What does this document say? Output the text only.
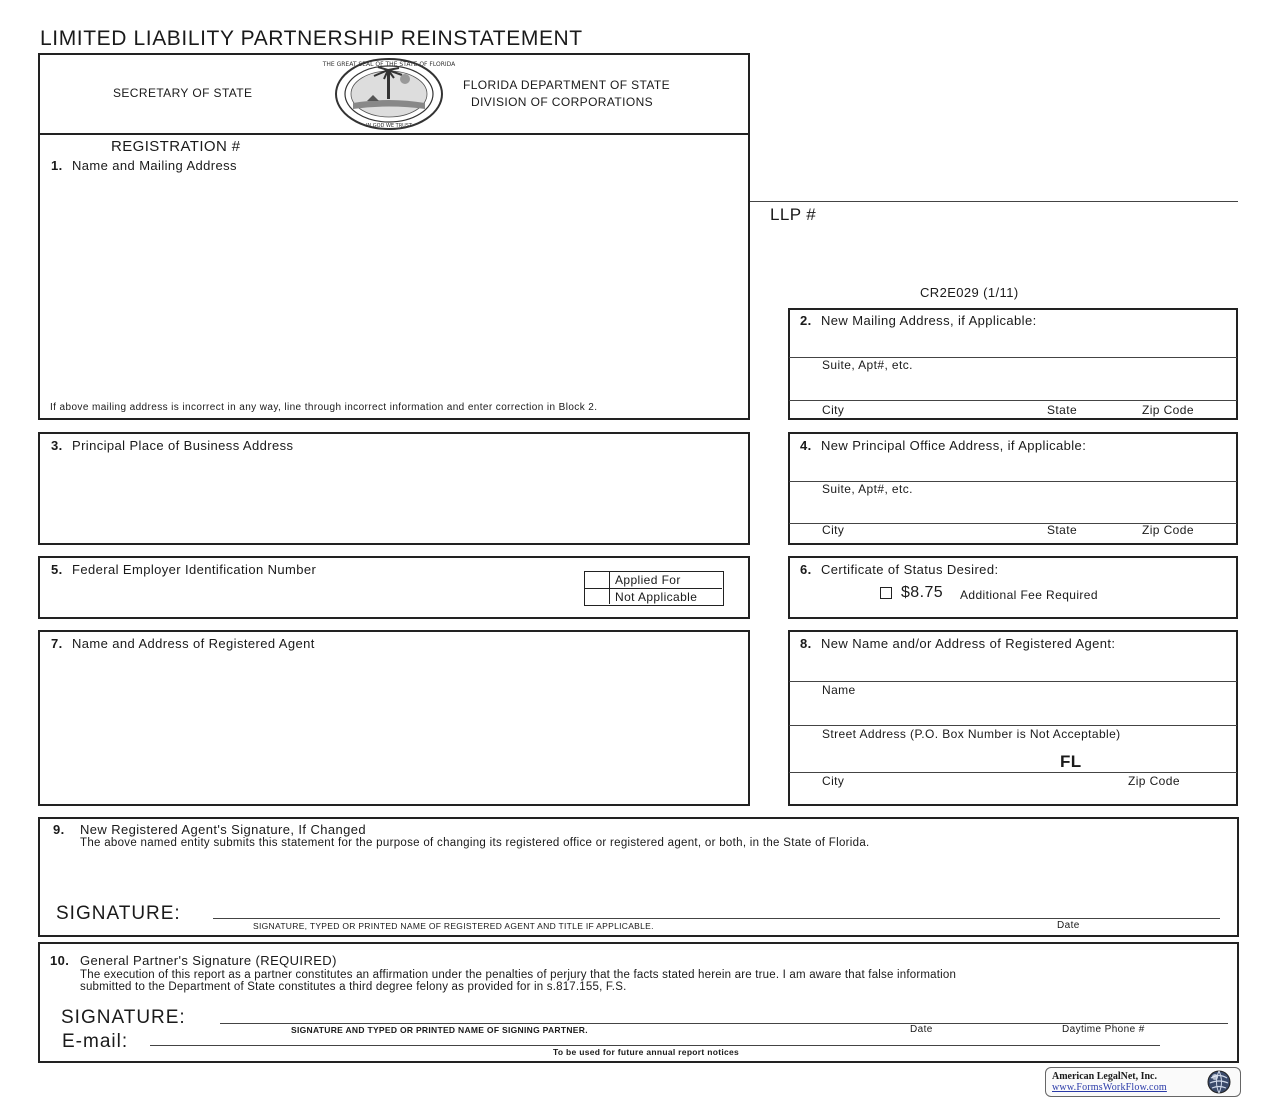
LIMITED LIABILITY PARTNERSHIP REINSTATEMENT
SECRETARY OF STATE
THE GREAT SEAL OF THE STATE OF FLORIDA
IN GOD WE TRUST
FLORIDA DEPARTMENT OF STATE
DIVISION OF CORPORATIONS
REGISTRATION #
1. Name and Mailing Address
If above mailing address is incorrect in any way, line through incorrect information and enter correction in Block 2.
LLP #
CR2E029 (1/11)
2. New Mailing Address, if Applicable:
Suite, Apt#, etc.
City	State	Zip Code
3. Principal Place of Business Address	4. New Principal Office Address, if Applicable:
Suite, Apt#, etc.
City	State	Zip Code
5. Federal Employer Identification Number
Applied For
Not Applicable
6. Certificate of Status Desired:
$8.75 Additional Fee Required
7. Name and Address of Registered Agent	8. New Name and/or Address of Registered Agent:
Name
Street Address (P.O. Box Number is Not Acceptable)
FL
City	Zip Code
9. New Registered Agent's Signature, If Changed
The above named entity submits this statement for the purpose of changing its registered office or registered agent, or both, in the State of Florida.
SIGNATURE:
SIGNATURE, TYPED OR PRINTED NAME OF REGISTERED AGENT AND TITLE IF APPLICABLE.	Date
10. General Partner's Signature (REQUIRED)
The execution of this report as a partner constitutes an affirmation under the penalties of perjury that the facts stated herein are true. I am aware that false information
submitted to the Department of State constitutes a third degree felony as provided for in s.817.155, F.S.
SIGNATURE:
SIGNATURE AND TYPED OR PRINTED NAME OF SIGNING PARTNER.	Date	Daytime Phone #
E-mail:	To be used for future annual report notices
American LegalNet, Inc.
www.FormsWorkFlow.com
